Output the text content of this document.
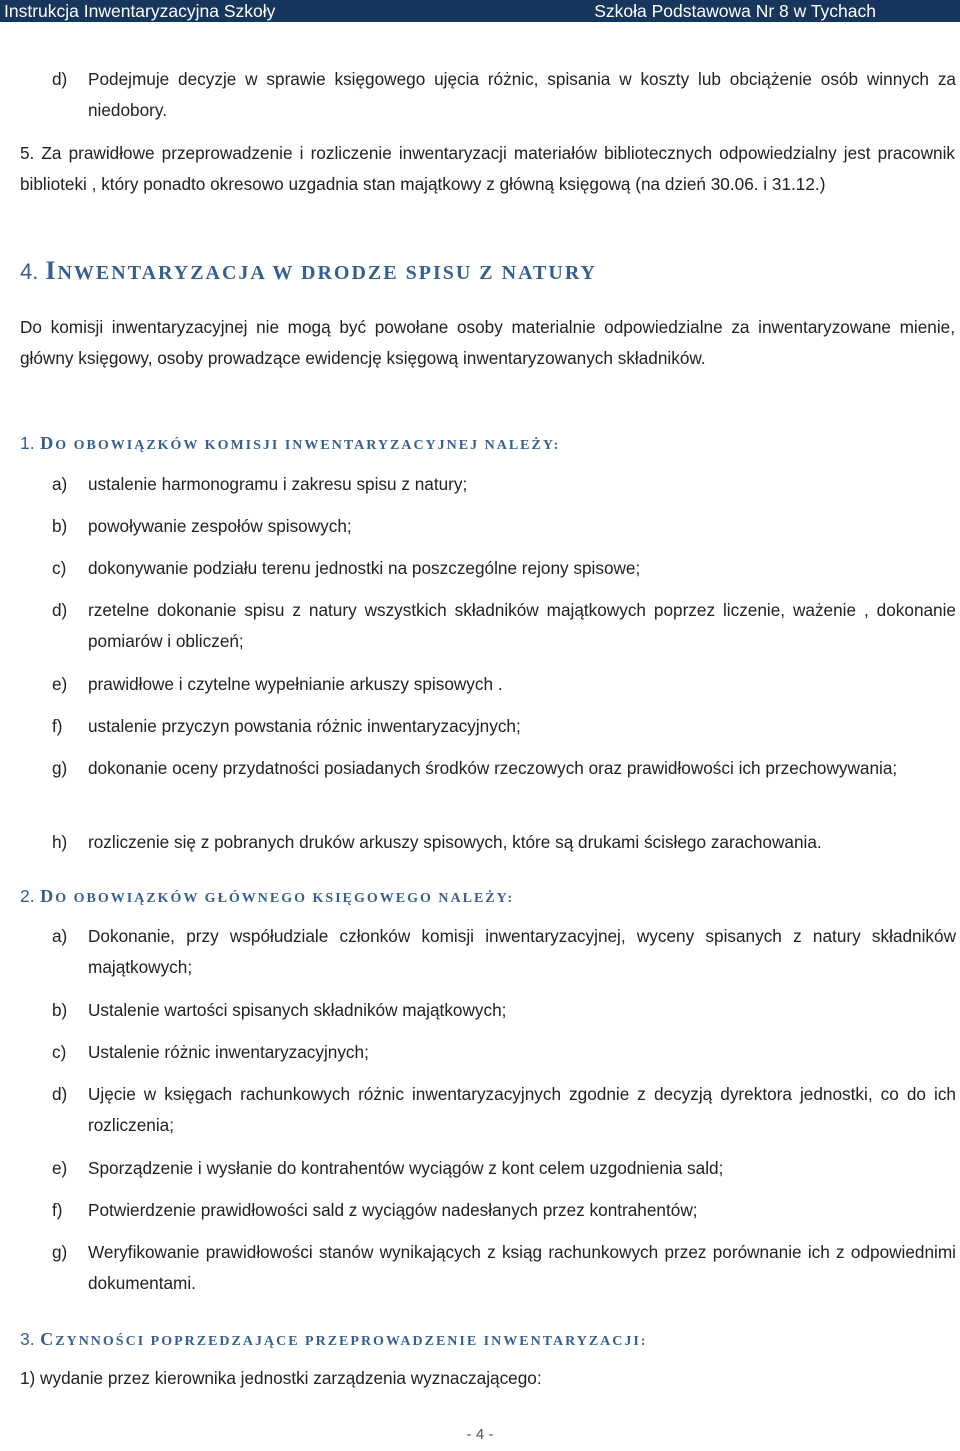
Instrukcja Inwentaryzacyjna Szkoły	Szkoła Podstawowa Nr 8 w Tychach
d)	Podejmuje decyzje w sprawie księgowego ujęcia różnic, spisania w koszty lub obciążenie osób winnych za niedobory.
5. Za prawidłowe przeprowadzenie i rozliczenie inwentaryzacji materiałów bibliotecznych odpowiedzialny jest pracownik biblioteki , który ponadto okresowo uzgadnia stan majątkowy z główną księgową (na dzień 30.06. i 31.12.)
4. INWENTARYZACJA W DRODZE SPISU Z NATURY
Do komisji inwentaryzacyjnej nie mogą być powołane osoby materialnie odpowiedzialne za inwentaryzowane mienie, główny księgowy, osoby prowadzące ewidencję księgową inwentaryzowanych składników.
1. DO OBOWIĄZKÓW KOMISJI INWENTARYZACYJNEJ NALEŻY:
a)	ustalenie harmonogramu i zakresu spisu z natury;
b)	powoływanie zespołów spisowych;
c)	dokonywanie podziału terenu jednostki na poszczególne rejony spisowe;
d)	rzetelne dokonanie spisu z natury wszystkich składników majątkowych poprzez liczenie, ważenie , dokonanie pomiarów i obliczeń;
e)	prawidłowe i czytelne wypełnianie arkuszy spisowych .
f)	ustalenie przyczyn powstania różnic inwentaryzacyjnych;
g)	dokonanie oceny przydatności posiadanych środków rzeczowych oraz prawidłowości ich przechowywania;
h)	rozliczenie się z pobranych druków arkuszy spisowych, które są drukami ścisłego zarachowania.
2. DO OBOWIĄZKÓW GŁÓWNEGO KSIĘGOWEGO NALEŻY:
a)	Dokonanie, przy współudziale członków komisji inwentaryzacyjnej, wyceny spisanych z natury składników majątkowych;
b)	Ustalenie wartości spisanych składników majątkowych;
c)	Ustalenie różnic inwentaryzacyjnych;
d)	Ujęcie w księgach rachunkowych różnic inwentaryzacyjnych zgodnie z decyzją dyrektora jednostki, co do ich rozliczenia;
e)	Sporządzenie i wysłanie do kontrahentów wyciągów z kont celem uzgodnienia sald;
f)	Potwierdzenie prawidłowości sald z wyciągów nadesłanych przez kontrahentów;
g)	Weryfikowanie prawidłowości stanów wynikających z ksiąg rachunkowych przez porównanie ich z odpowiednimi dokumentami.
3. CZYNNOŚCI POPRZEDZAJĄCE PRZEPROWADZENIE INWENTARYZACJI:
1) wydanie przez kierownika jednostki zarządzenia wyznaczającego:
- 4 -
